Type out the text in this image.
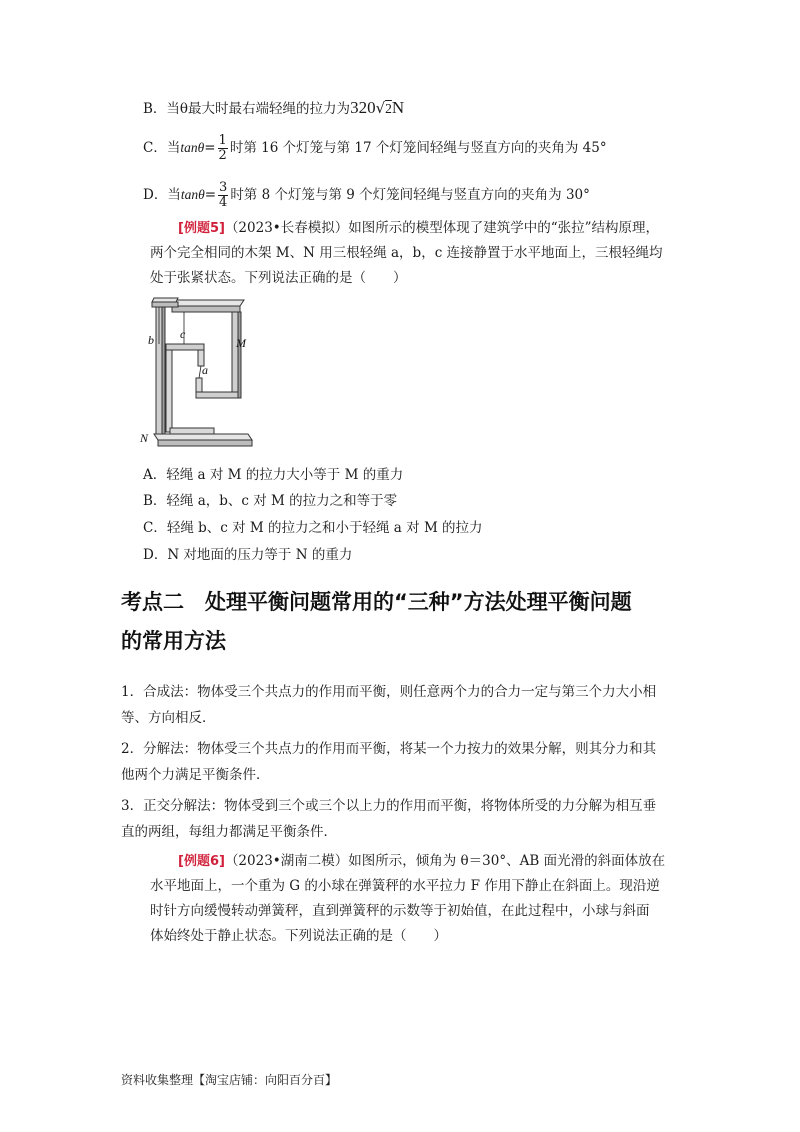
B．当θ最大时最右端轻绳的拉力为320√2N
C．当$\tan\theta= \frac{1}{2}$ 时第 16 个灯笼与第 17 个灯笼间轻绳与竖直方向的夹角为 45°
D．当$\tan\theta= \frac{3}{4}$ 时第 8 个灯笼与第 9 个灯笼间轻绳与竖直方向的夹角为 30°
[例题5]（2023•长春模拟）如图所示的模型体现了建筑学中的“张拉”结构原理，
两个完全相同的木架 M、N 用三根轻绳 a，b，c 连接静置于水平地面上，三根轻绳均
处于张紧状态。下列说法正确的是（　　）
b c
a
M
N
A．轻绳 a 对 M 的拉力大小等于 M 的重力
B．轻绳 a，b、c 对 M 的拉力之和等于零
C．轻绳 b、c 对 M 的拉力之和小于轻绳 a 对 M 的拉力
D．N 对地面的压力等于 N 的重力
考点二　处理平衡问题常用的“三种”方法处理平衡问题
的常用方法
1．合成法：物体受三个共点力的作用而平衡，则任意两个力的合力一定与第三个力大小相
等、方向相反．
2．分解法：物体受三个共点力的作用而平衡，将某一个力按力的效果分解，则其分力和其
他两个力满足平衡条件．
3．正交分解法：物体受到三个或三个以上力的作用而平衡，将物体所受的力分解为相互垂
直的两组，每组力都满足平衡条件．
[例题6]（2023•湖南二模）如图所示，倾角为 θ＝30°、AB 面光滑的斜面体放在
水平地面上，一个重为 G 的小球在弹簧秤的水平拉力 F 作用下静止在斜面上。现沿逆
时针方向缓慢转动弹簧秤，直到弹簧秤的示数等于初始值，在此过程中，小球与斜面
体始终处于静止状态。下列说法正确的是（　　）
资料收集整理【淘宝店铺：向阳百分百】
